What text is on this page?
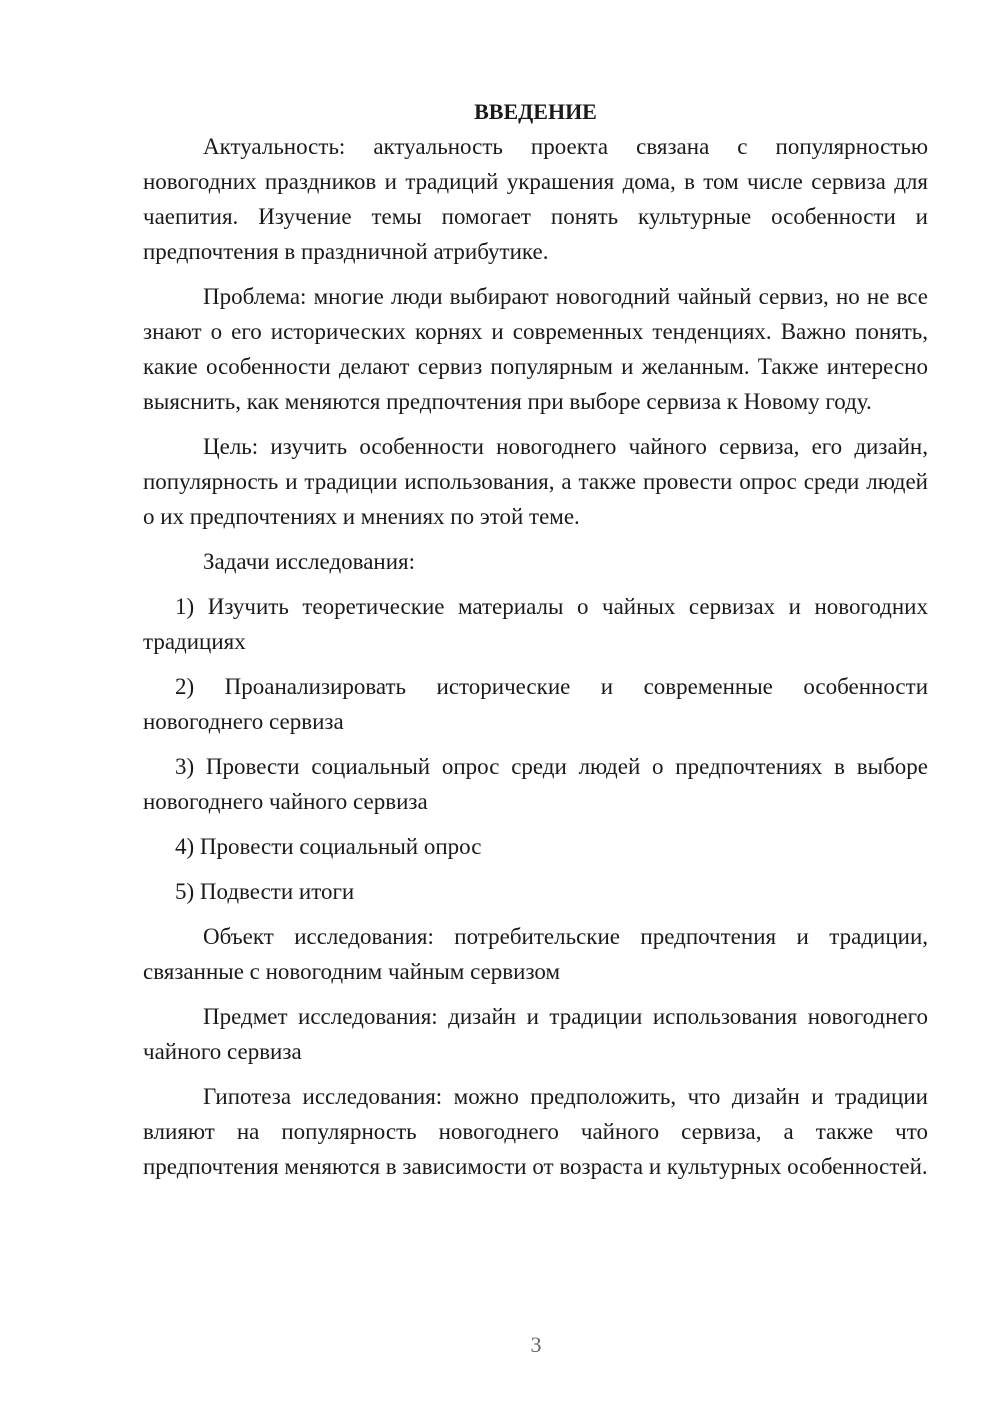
ВВЕДЕНИЕ

Актуальность: актуальность проекта связана с популярностью новогодних праздников и традиций украшения дома, в том числе сервиза для чаепития. Изучение темы помогает понять культурные особенности и предпочтения в праздничной атрибутике.

Проблема: многие люди выбирают новогодний чайный сервиз, но не все знают о его исторических корнях и современных тенденциях. Важно понять, какие особенности делают сервиз популярным и желанным. Также интересно выяснить, как меняются предпочтения при выборе сервиза к Новому году.

Цель: изучить особенности новогоднего чайного сервиза, его дизайн, популярность и традиции использования, а также провести опрос среди людей о их предпочтениях и мнениях по этой теме.

Задачи исследования:

1) Изучить теоретические материалы о чайных сервизах и новогодних традициях

2) Проанализировать исторические и современные особенности новогоднего сервиза

3) Провести социальный опрос среди людей о предпочтениях в выборе новогоднего чайного сервиза

4) Провести социальный опрос

5) Подвести итоги

Объект исследования: потребительские предпочтения и традиции, связанные с новогодним чайным сервизом

Предмет исследования: дизайн и традиции использования новогоднего чайного сервиза

Гипотеза исследования: можно предположить, что дизайн и традиции влияют на популярность новогоднего чайного сервиза, а также что предпочтения меняются в зависимости от возраста и культурных особенностей.

3
